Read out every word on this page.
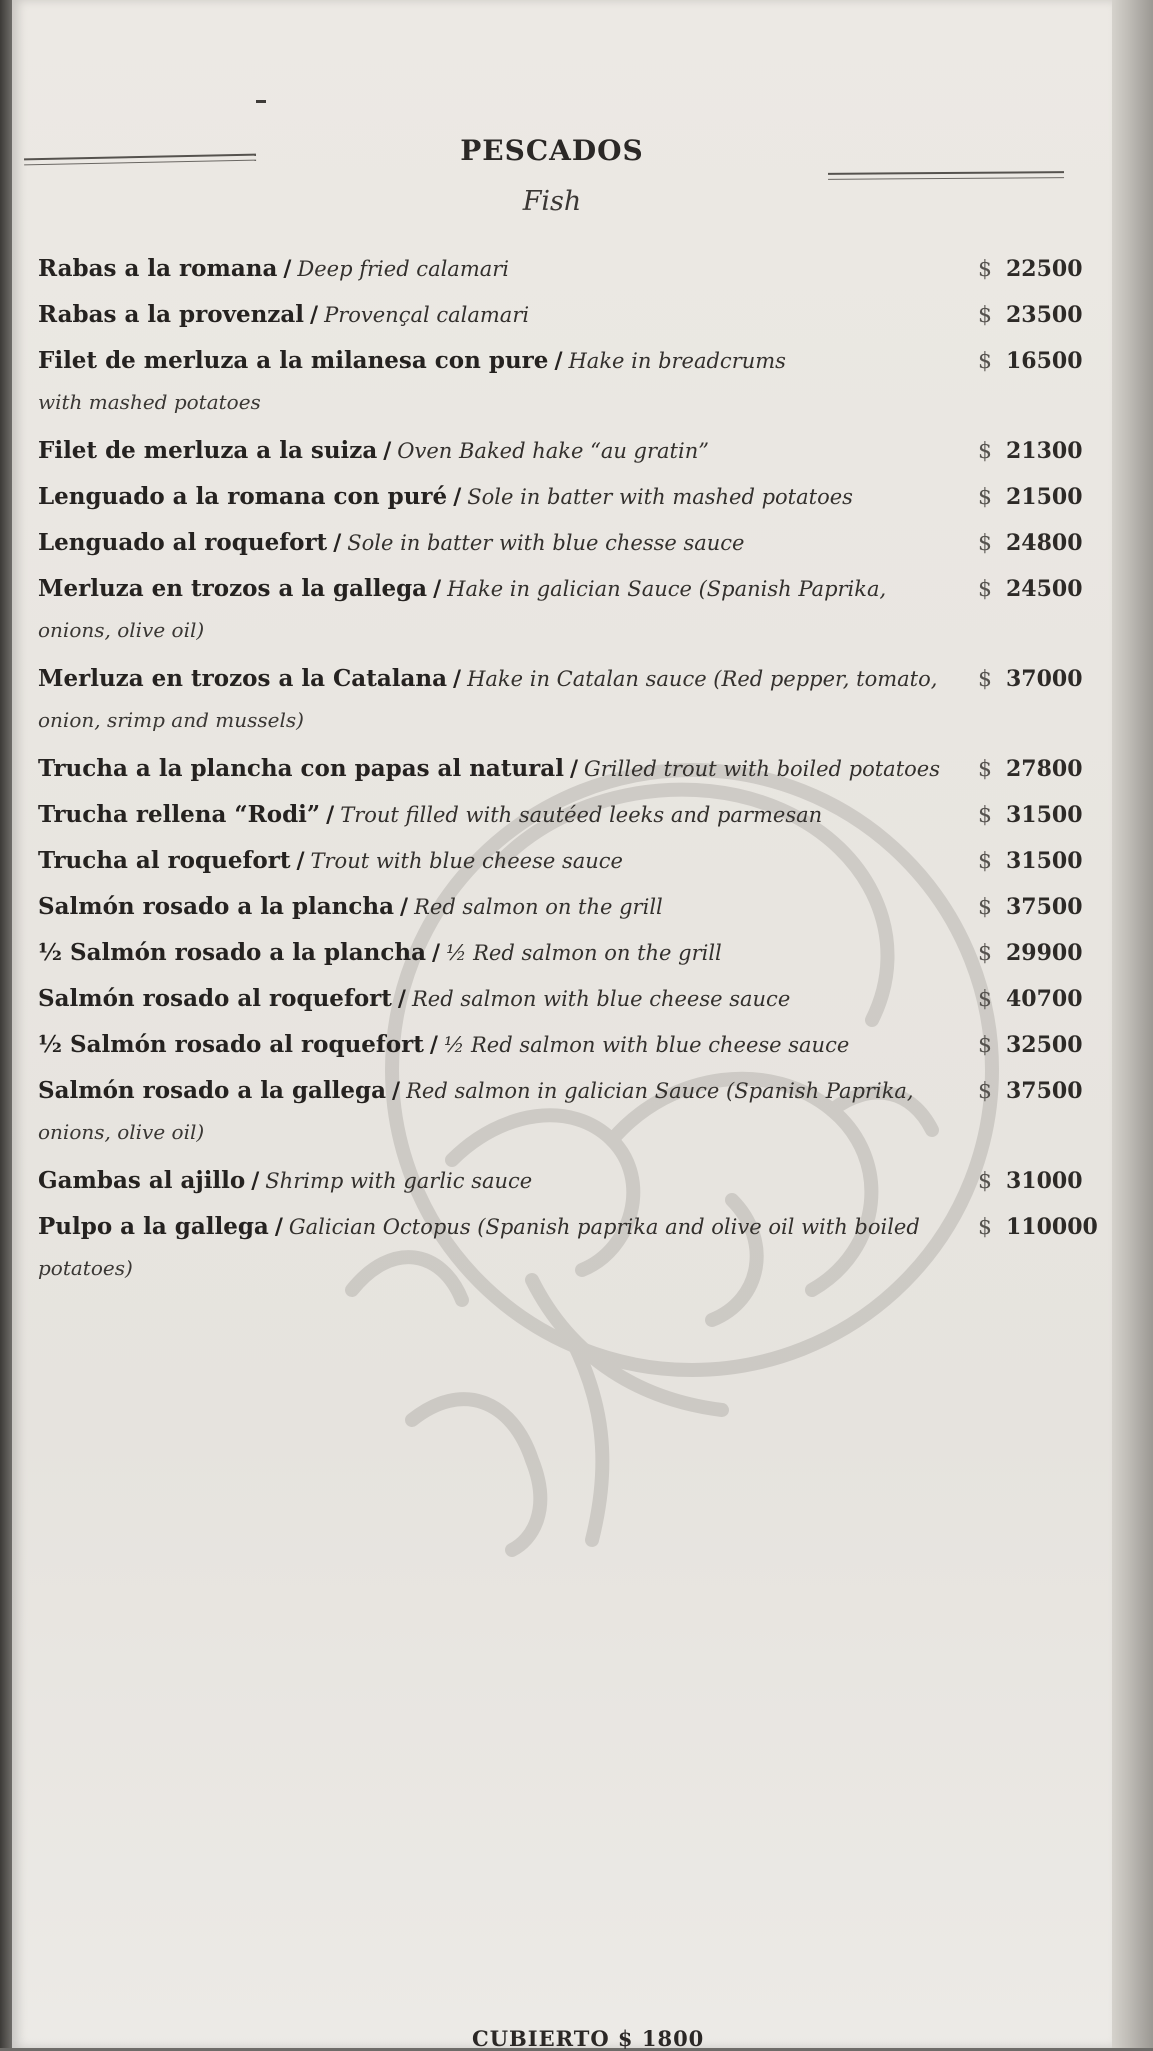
PESCADOS
Fish
Rabas a la romana / Deep fried calamari	$ 22500
Rabas a la provenzal / Provençal calamari	$ 23500
Filet de merluza a la milanesa con pure / Hake in breadcrums	$ 16500
with mashed potatoes
Filet de merluza a la suiza / Oven Baked hake “au gratin”	$ 21300
Lenguado a la romana con puré / Sole in batter with mashed potatoes	$ 21500
Lenguado al roquefort / Sole in batter with blue chesse sauce	$ 24800
Merluza en trozos a la gallega / Hake in galician Sauce (Spanish Paprika,	$ 24500
onions, olive oil)
Merluza en trozos a la Catalana / Hake in Catalan sauce (Red pepper, tomato,	$ 37000
onion, srimp and mussels)
Trucha a la plancha con papas al natural / Grilled trout with boiled potatoes	$ 27800
Trucha rellena “Rodi” / Trout filled with sautéed leeks and parmesan	$ 31500
Trucha al roquefort / Trout with blue cheese sauce	$ 31500
Salmón rosado a la plancha / Red salmon on the grill	$ 37500
½ Salmón rosado a la plancha / ½ Red salmon on the grill	$ 29900
Salmón rosado al roquefort / Red salmon with blue cheese sauce	$ 40700
½ Salmón rosado al roquefort / ½ Red salmon with blue cheese sauce	$ 32500
Salmón rosado a la gallega / Red salmon in galician Sauce (Spanish Paprika,	$ 37500
onions, olive oil)
Gambas al ajillo / Shrimp with garlic sauce	$ 31000
Pulpo a la gallega / Galician Octopus (Spanish paprika and olive oil with boiled	$ 110000
potatoes)
CUBIERTO $ 1800
